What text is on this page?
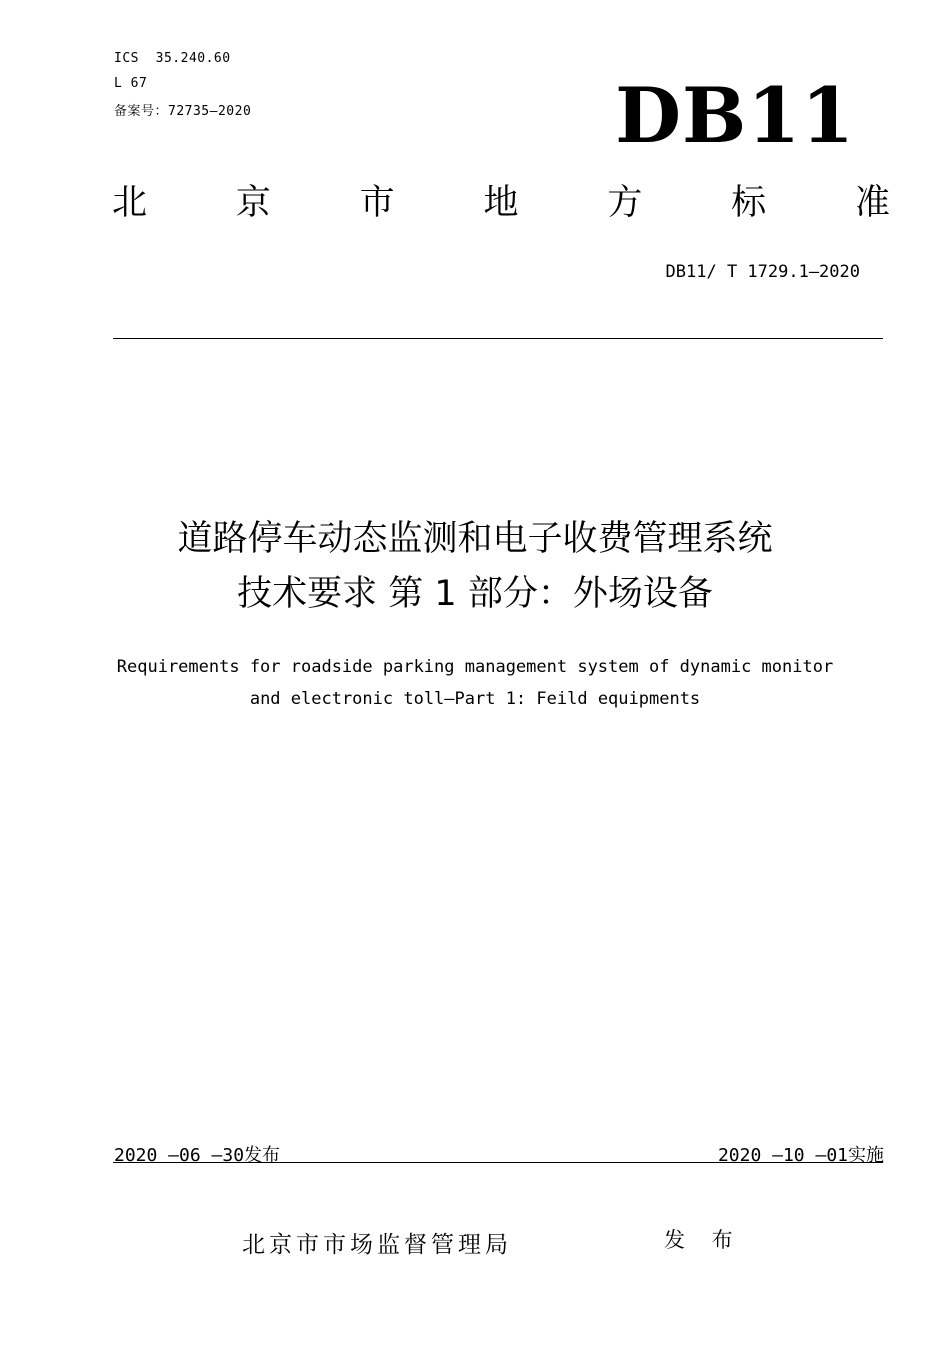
ICS  35.240.60
L 67
备案号：72735—2020	DB11
北	京	市	地	方	标	准
DB11/ T 1729.1—2020
道路停车动态监测和电子收费管理系统
技术要求 第 1 部分：外场设备
Requirements for roadside parking management system of dynamic monitor
and electronic toll—Part 1: Feild equipments
2020 —06 —30发布	2020 —10 —01实施
北京市市场监督管理局	发 布
